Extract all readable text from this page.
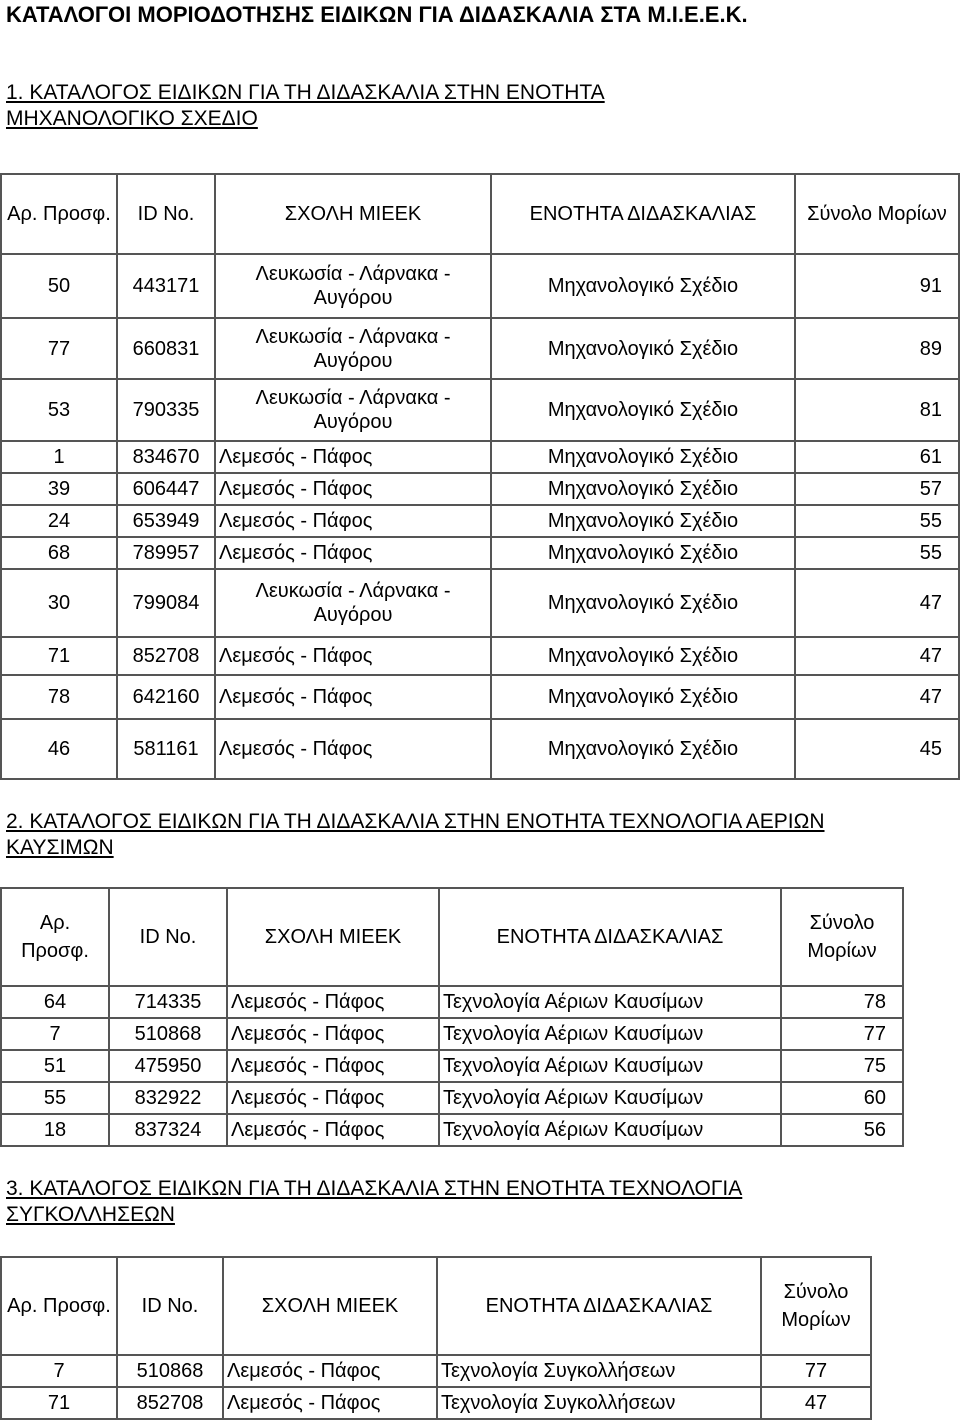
ΚΑΤΑΛΟΓΟΙ ΜΟΡΙΟΔΟΤΗΣΗΣ ΕΙΔΙΚΩΝ ΓΙΑ ΔΙΔΑΣΚΑΛΙΑ ΣΤΑ Μ.Ι.Ε.Ε.Κ.
1. ΚΑΤΑΛΟΓΟΣ ΕΙΔΙΚΩΝ ΓΙΑ ΤΗ ΔΙΔΑΣΚΑΛΙΑ ΣΤΗΝ ΕΝΟΤΗΤΑ ΜΗΧΑΝΟΛΟΓΙΚΟ ΣΧΕΔΙΟ
Αρ. Προσφ.	ID No.	ΣΧΟΛΗ ΜΙΕΕΚ	ΕΝΟΤΗΤΑ ΔΙΔΑΣΚΑΛΙΑΣ	Σύνολο Μορίων
50	443171	Λευκωσία - Λάρνακα - Αυγόρου	Μηχανολογικό Σχέδιο	91
77	660831	Λευκωσία - Λάρνακα - Αυγόρου	Μηχανολογικό Σχέδιο	89
53	790335	Λευκωσία - Λάρνακα - Αυγόρου	Μηχανολογικό Σχέδιο	81
1	834670	Λεμεσός - Πάφος	Μηχανολογικό Σχέδιο	61
39	606447	Λεμεσός - Πάφος	Μηχανολογικό Σχέδιο	57
24	653949	Λεμεσός - Πάφος	Μηχανολογικό Σχέδιο	55
68	789957	Λεμεσός - Πάφος	Μηχανολογικό Σχέδιο	55
30	799084	Λευκωσία - Λάρνακα - Αυγόρου	Μηχανολογικό Σχέδιο	47
71	852708	Λεμεσός - Πάφος	Μηχανολογικό Σχέδιο	47
78	642160	Λεμεσός - Πάφος	Μηχανολογικό Σχέδιο	47
46	581161	Λεμεσός - Πάφος	Μηχανολογικό Σχέδιο	45
2. ΚΑΤΑΛΟΓΟΣ ΕΙΔΙΚΩΝ ΓΙΑ ΤΗ ΔΙΔΑΣΚΑΛΙΑ ΣΤΗΝ ΕΝΟΤΗΤΑ ΤΕΧΝΟΛΟΓΙΑ ΑΕΡΙΩΝ ΚΑΥΣΙΜΩΝ
Αρ. Προσφ.	ID No.	ΣΧΟΛΗ ΜΙΕΕΚ	ΕΝΟΤΗΤΑ ΔΙΔΑΣΚΑΛΙΑΣ	Σύνολο Μορίων
64	714335	Λεμεσός - Πάφος	Τεχνολογία Αέριων Καυσίμων	78
7	510868	Λεμεσός - Πάφος	Τεχνολογία Αέριων Καυσίμων	77
51	475950	Λεμεσός - Πάφος	Τεχνολογία Αέριων Καυσίμων	75
55	832922	Λεμεσός - Πάφος	Τεχνολογία Αέριων Καυσίμων	60
18	837324	Λεμεσός - Πάφος	Τεχνολογία Αέριων Καυσίμων	56
3. ΚΑΤΑΛΟΓΟΣ ΕΙΔΙΚΩΝ ΓΙΑ ΤΗ ΔΙΔΑΣΚΑΛΙΑ ΣΤΗΝ ΕΝΟΤΗΤΑ ΤΕΧΝΟΛΟΓΙΑ ΣΥΓΚΟΛΛΗΣΕΩΝ
Αρ. Προσφ.	ID No.	ΣΧΟΛΗ ΜΙΕΕΚ	ΕΝΟΤΗΤΑ ΔΙΔΑΣΚΑΛΙΑΣ	Σύνολο Μορίων
7	510868	Λεμεσός - Πάφος	Τεχνολογία Συγκολλήσεων	77
71	852708	Λεμεσός - Πάφος	Τεχνολογία Συγκολλήσεων	47
